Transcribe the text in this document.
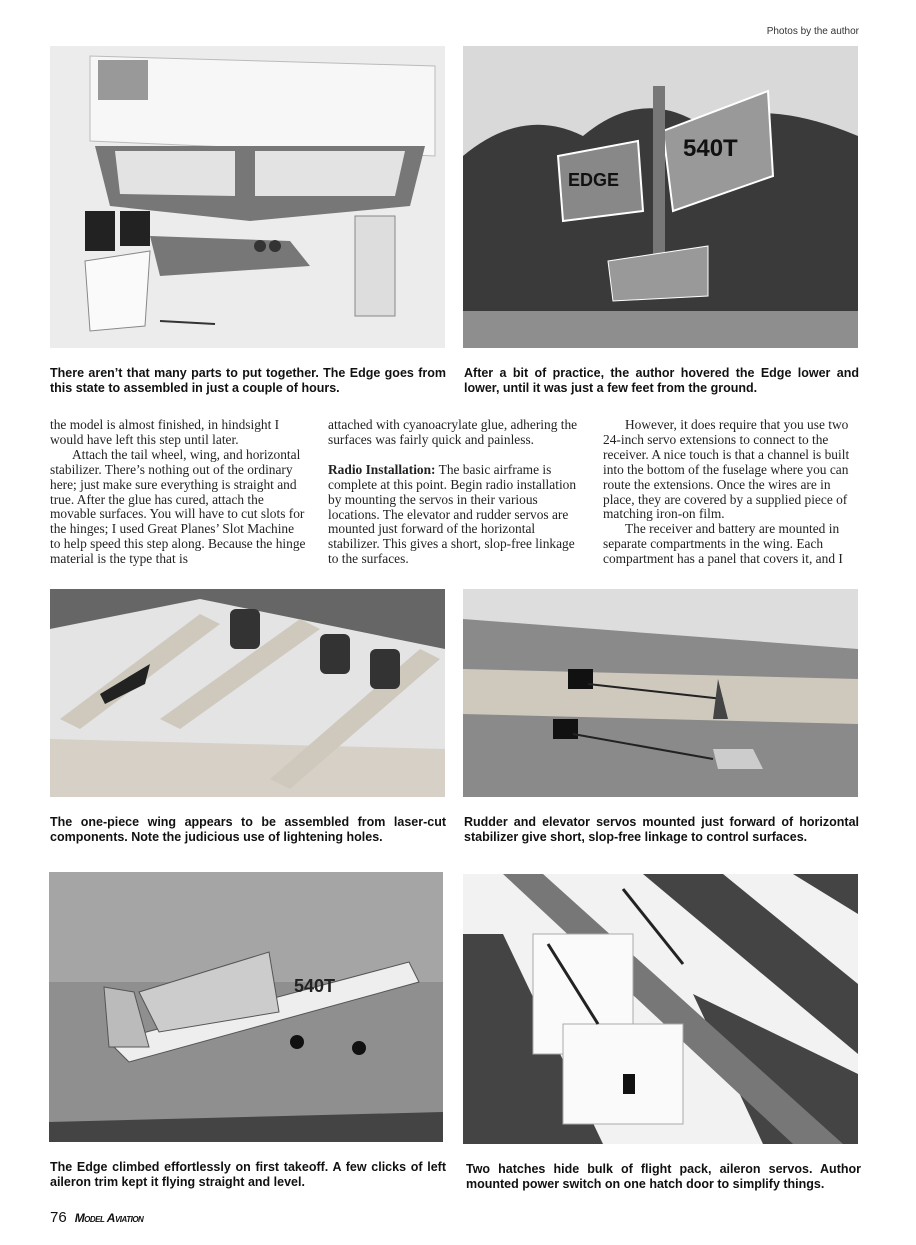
Photos by the author
There aren’t that many parts to put together. The Edge goes from this state to assembled in just a couple of hours.
EDGE
540T
After a bit of practice, the author hovered the Edge lower and lower, until it was just a few feet from the ground.

the model is almost finished, in hindsight I would have left this step until later.

Attach the tail wheel, wing, and horizontal stabilizer. There’s nothing out of the ordinary here; just make sure everything is straight and true. After the glue has cured, attach the movable surfaces. You will have to cut slots for the hinges; I used Great Planes’ Slot Machine to help speed this step along. Because the hinge material is the type that is

attached with cyanoacrylate glue, adhering the surfaces was fairly quick and painless.

Radio Installation: The basic airframe is complete at this point. Begin radio installation by mounting the servos in their various locations. The elevator and rudder servos are mounted just forward of the horizontal stabilizer. This gives a short, slop-free linkage to the surfaces.

However, it does require that you use two 24-inch servo extensions to connect to the receiver. A nice touch is that a channel is built into the bottom of the fuselage where you can route the extensions. Once the wires are in place, they are covered by a supplied piece of matching iron-on film.

The receiver and battery are mounted in separate compartments in the wing. Each compartment has a panel that covers it, and I

The one-piece wing appears to be assembled from laser-cut components. Note the judicious use of lightening holes.
Rudder and elevator servos mounted just forward of horizontal stabilizer give short, slop-free linkage to control surfaces.
540T
The Edge climbed effortlessly on first takeoff. A few clicks of left aileron trim kept it flying straight and level.
Two hatches hide bulk of flight pack, aileron servos. Author mounted power switch on one hatch door to simplify things.
76 Model Aviation
